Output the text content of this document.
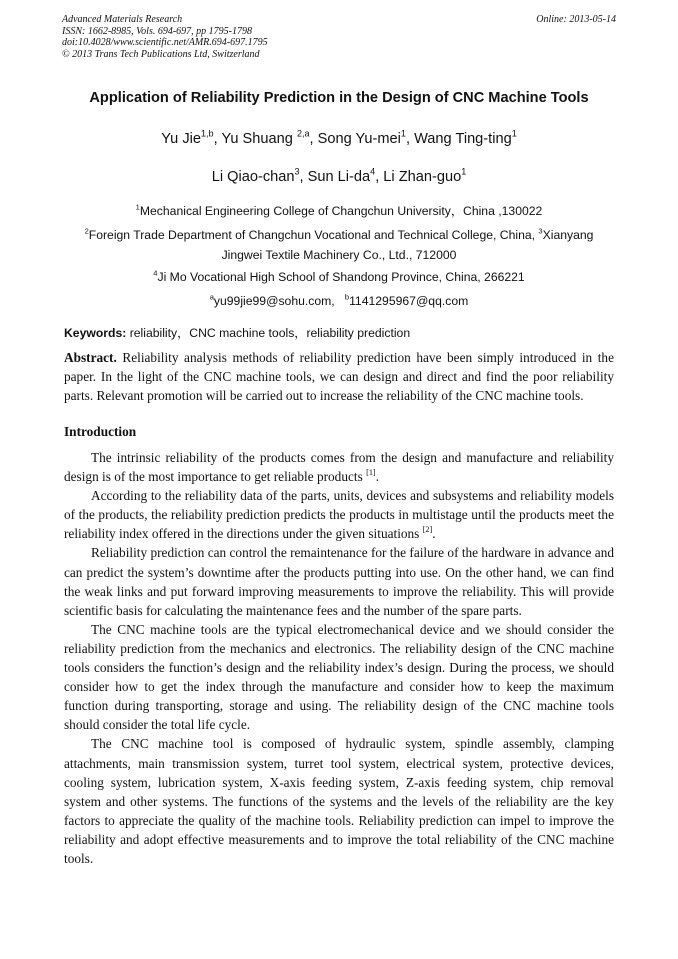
Advanced Materials Research
ISSN: 1662-8985, Vols. 694-697, pp 1795-1798
doi:10.4028/www.scientific.net/AMR.694-697.1795
© 2013 Trans Tech Publications Ltd, Switzerland
Online: 2013-05-14
Application of Reliability Prediction in the Design of CNC Machine Tools
Yu Jie$^{1,b}$, Yu Shuang $^{2,a}$, Song Yu-mei$^1$, Wang Ting-ting$^1$
Li Qiao-chan$^3$, Sun $Li-da^4$, Li Zhan-guo$^1$
$^1$Mechanical Engineering College of Changchun University，China ,130022
$^2$Foreign Trade Department of Changchun Vocational and Technical College, China, $^3$Xianyang Jingwei Textile Machinery Co., Ltd., 712000
$^4$Ji Mo Vocational High School of Shandong Province, China, 266221
$^a$yu99jie99@sohu.com, $^b$1141295967@qq.com
Keywords: reliability，CNC machine tools，reliability prediction
Abstract. Reliability analysis methods of reliability prediction have been simply introduced in the paper. In the light of the CNC machine tools, we can design and direct and find the poor reliability parts. Relevant promotion will be carried out to increase the reliability of the CNC machine tools.
Introduction

The intrinsic reliability of the products comes from the design and manufacture and reliability design is of the most importance to get reliable products [1].

According to the reliability data of the parts, units, devices and subsystems and reliability models of the products, the reliability prediction predicts the products in multistage until the products meet the reliability index offered in the directions under the given situations [2].

Reliability prediction can control the remaintenance for the failure of the hardware in advance and can predict the system’s downtime after the products putting into use. On the other hand, we can find the weak links and put forward improving measurements to improve the reliability. This will provide scientific basis for calculating the maintenance fees and the number of the spare parts.

The CNC machine tools are the typical electromechanical device and we should consider the reliability prediction from the mechanics and electronics. The reliability design of the CNC machine tools considers the function’s design and the reliability index’s design. During the process, we should consider how to get the index through the manufacture and consider how to keep the maximum function during transporting, storage and using. The reliability design of the CNC machine tools should consider the total life cycle.

The CNC machine tool is composed of hydraulic system, spindle assembly, clamping attachments, main transmission system, turret tool system, electrical system, protective devices, cooling system, lubrication system, X-axis feeding system, Z-axis feeding system, chip removal system and other systems. The functions of the systems and the levels of the reliability are the key factors to appreciate the quality of the machine tools. Reliability prediction can impel to improve the reliability and adopt effective measurements and to improve the total reliability of the CNC machine tools.
